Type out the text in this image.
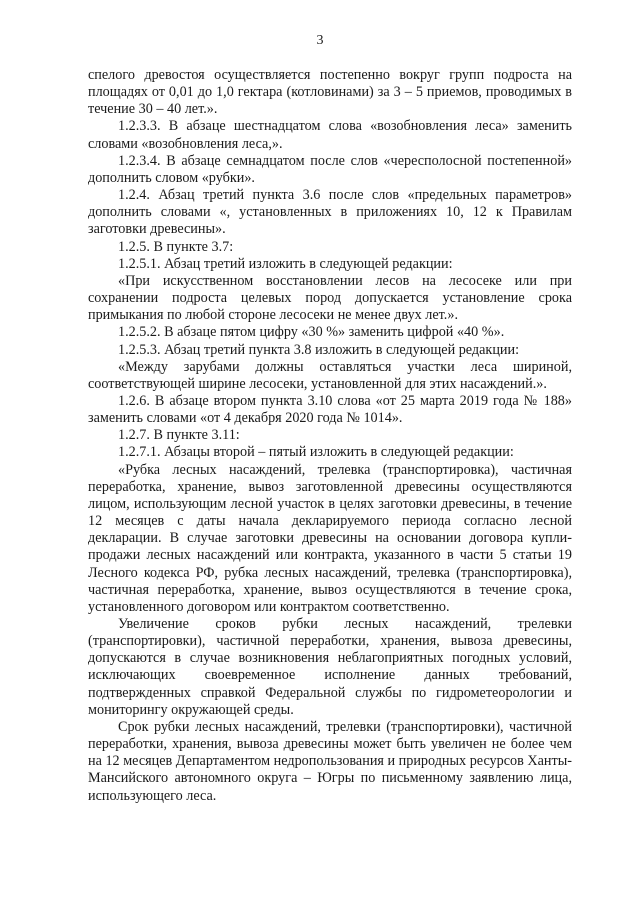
3

спелого древостоя осуществляется постепенно вокруг групп подроста на площадях от 0,01 до 1,0 гектара (котловинами) за 3 – 5 приемов, проводимых в течение 30 – 40 лет.».

1.2.3.3. В абзаце шестнадцатом слова «возобновления леса» заменить словами «возобновления леса,».

1.2.3.4. В абзаце семнадцатом после слов «чересполосной постепенной» дополнить словом «рубки».

1.2.4. Абзац третий пункта 3.6 после слов «предельных параметров» дополнить словами «, установленных в приложениях 10, 12 к Правилам заготовки древесины».

1.2.5. В пункте 3.7:

1.2.5.1. Абзац третий изложить в следующей редакции:

«При искусственном восстановлении лесов на лесосеке или при сохранении подроста целевых пород допускается установление срока примыкания по любой стороне лесосеки не менее двух лет.».

1.2.5.2. В абзаце пятом цифру «30 %» заменить цифрой «40 %».

1.2.5.3. Абзац третий пункта 3.8 изложить в следующей редакции:

«Между зарубами должны оставляться участки леса шириной, соответствующей ширине лесосеки, установленной для этих насаждений.».

1.2.6. В абзаце втором пункта 3.10 слова «от 25 марта 2019 года № 188» заменить словами «от 4 декабря 2020 года № 1014».

1.2.7. В пункте 3.11:

1.2.7.1. Абзацы второй – пятый изложить в следующей редакции:

«Рубка лесных насаждений, трелевка (транспортировка), частичная переработка, хранение, вывоз заготовленной древесины осуществляются лицом, использующим лесной участок в целях заготовки древесины, в течение 12 месяцев с даты начала декларируемого периода согласно лесной декларации. В случае заготовки древесины на основании договора купли-продажи лесных насаждений или контракта, указанного в части 5 статьи 19 Лесного кодекса РФ, рубка лесных насаждений, трелевка (транспортировка), частичная переработка, хранение, вывоз осуществляются в течение срока, установленного договором или контрактом соответственно.

Увеличение сроков рубки лесных насаждений, трелевки (транспортировки), частичной переработки, хранения, вывоза древесины, допускаются в случае возникновения неблагоприятных погодных условий, исключающих своевременное исполнение данных требований, подтвержденных справкой Федеральной службы по гидрометеорологии и мониторингу окружающей среды.

Срок рубки лесных насаждений, трелевки (транспортировки), частичной переработки, хранения, вывоза древесины может быть увеличен не более чем на 12 месяцев Департаментом недропользования и природных ресурсов Ханты-Мансийского автономного округа – Югры по письменному заявлению лица, использующего леса.
